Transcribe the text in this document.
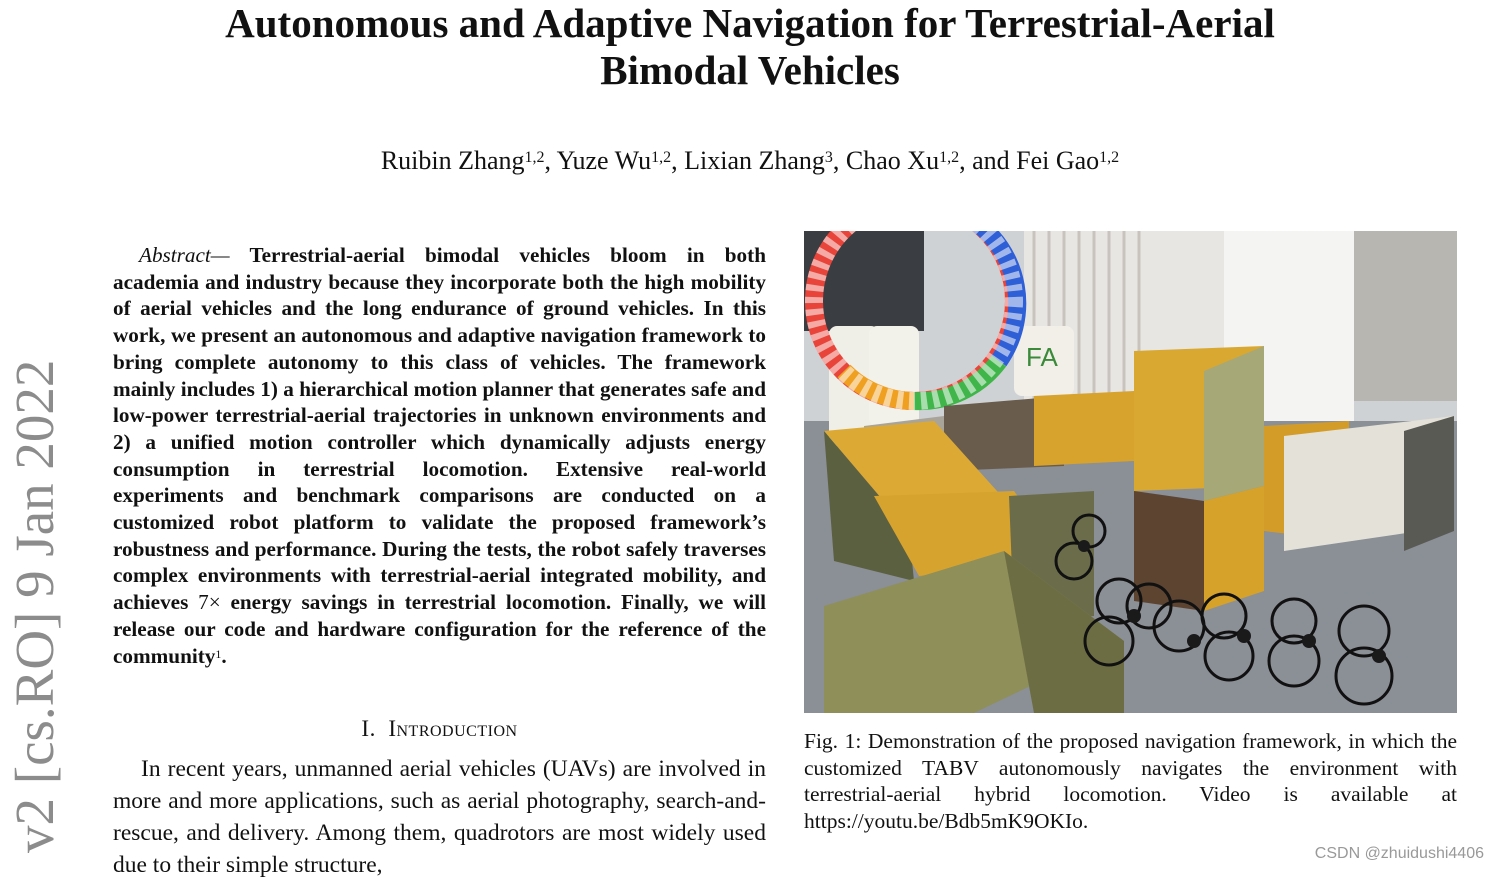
Autonomous and Adaptive Navigation for Terrestrial-Aerial
Bimodal Vehicles
Ruibin Zhang$^{1,2}$, Yuze Wu$^{1,2}$, Lixian Zhang$^3$, Chao Xu$^{1,2}$, and Fei Gao$^{1,2}$
v2 [cs.RO] 9 Jan 2022
Abstract— Terrestrial-aerial bimodal vehicles bloom in both academia and industry because they incorporate both the high mobility of aerial vehicles and the long endurance of ground vehicles. In this work, we present an autonomous and adaptive navigation framework to bring complete autonomy to this class of vehicles. The framework mainly includes 1) a hierarchical motion planner that generates safe and low-power terrestrial-aerial trajectories in unknown environments and 2) a unified motion controller which dynamically adjusts energy consumption in terrestrial locomotion. Extensive real-world experiments and benchmark comparisons are conducted on a customized robot platform to validate the proposed framework’s robustness and performance. During the tests, the robot safely traverses complex environments with terrestrial-aerial integrated mobility, and achieves 7× energy savings in terrestrial locomotion. Finally, we will release our code and hardware configuration for the reference of the community$^1$.
I. Introduction
In recent years, unmanned aerial vehicles (UAVs) are involved in more and more applications, such as aerial photography, search-and-rescue, and delivery. Among them, quadrotors are most widely used due to their simple structure,
FA
Fig. 1: Demonstration of the proposed navigation framework, in which the customized TABV autonomously navigates the environment with terrestrial-aerial hybrid locomotion. Video is available at https://youtu.be/Bdb5mK9OKIo.
CSDN @zhuidushi4406
